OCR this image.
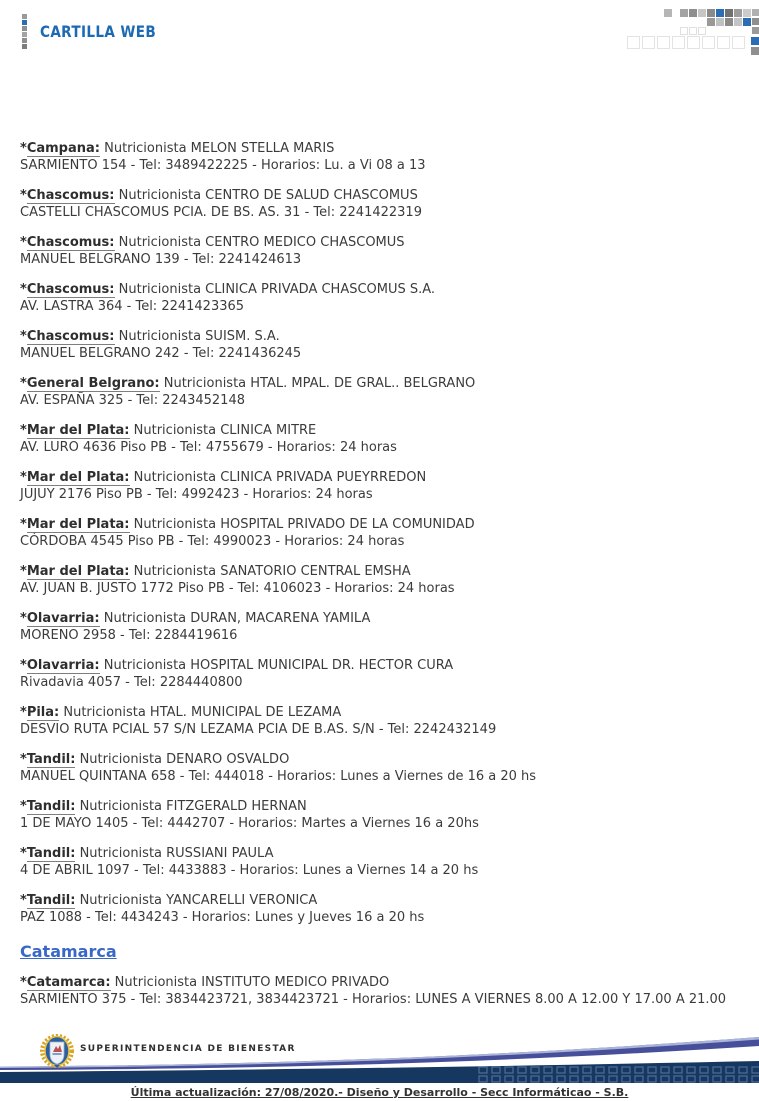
CARTILLA WEB

*Campana: Nutricionista MELON STELLA MARIS
SARMIENTO 154 - Tel: 3489422225 - Horarios: Lu. a Vi 08 a 13

*Chascomus: Nutricionista CENTRO DE SALUD CHASCOMUS
CASTELLI CHASCOMUS PCIA. DE BS. AS. 31 - Tel: 2241422319

*Chascomus: Nutricionista CENTRO MEDICO CHASCOMUS
MANUEL BELGRANO 139 - Tel: 2241424613

*Chascomus: Nutricionista CLINICA PRIVADA CHASCOMUS S.A.
AV. LASTRA 364 - Tel: 2241423365

*Chascomus: Nutricionista SUISM. S.A.
MANUEL BELGRANO 242 - Tel: 2241436245

*General Belgrano: Nutricionista HTAL. MPAL. DE GRAL.. BELGRANO
AV. ESPAÑA 325 - Tel: 2243452148

*Mar del Plata: Nutricionista CLINICA MITRE
AV. LURO 4636 Piso PB - Tel: 4755679 - Horarios: 24 horas

*Mar del Plata: Nutricionista CLINICA PRIVADA PUEYRREDON
JUJUY 2176 Piso PB - Tel: 4992423 - Horarios: 24 horas

*Mar del Plata: Nutricionista HOSPITAL PRIVADO DE LA COMUNIDAD
CÓRDOBA 4545 Piso PB - Tel: 4990023 - Horarios: 24 horas

*Mar del Plata: Nutricionista SANATORIO CENTRAL EMSHA
AV. JUAN B. JUSTO 1772 Piso PB - Tel: 4106023 - Horarios: 24 horas

*Olavarria: Nutricionista DURAN, MACARENA YAMILA
MORENO 2958 - Tel: 2284419616

*Olavarria: Nutricionista HOSPITAL MUNICIPAL DR. HECTOR CURA
Rivadavia 4057 - Tel: 2284440800

*Pila: Nutricionista HTAL. MUNICIPAL DE LEZAMA
DESVIO RUTA PCIAL 57 S/N LEZAMA PCIA DE B.AS. S/N - Tel: 2242432149

*Tandil: Nutricionista DENARO OSVALDO
MANUEL QUINTANA 658 - Tel: 444018 - Horarios: Lunes a Viernes de 16 a 20 hs

*Tandil: Nutricionista FITZGERALD HERNAN
1 DE MAYO 1405 - Tel: 4442707 - Horarios: Martes a Viernes 16 a 20hs

*Tandil: Nutricionista RUSSIANI PAULA
4 DE ABRIL 1097 - Tel: 4433883 - Horarios: Lunes a Viernes 14 a 20 hs

*Tandil: Nutricionista YANCARELLI VERONICA
PAZ 1088 - Tel: 4434243 - Horarios: Lunes y Jueves 16 a 20 hs

Catamarca

*Catamarca: Nutricionista INSTITUTO MEDICO PRIVADO
SARMIENTO 375 - Tel: 3834423721, 3834423721 - Horarios: LUNES A VIERNES 8.00 A 12.00 Y 17.00 A 21.00

SUPERINTENDENCIA DE BIENESTAR
Última actualización: 27/08/2020.- Diseño y Desarrollo - Secc Informáticao - S.B.
